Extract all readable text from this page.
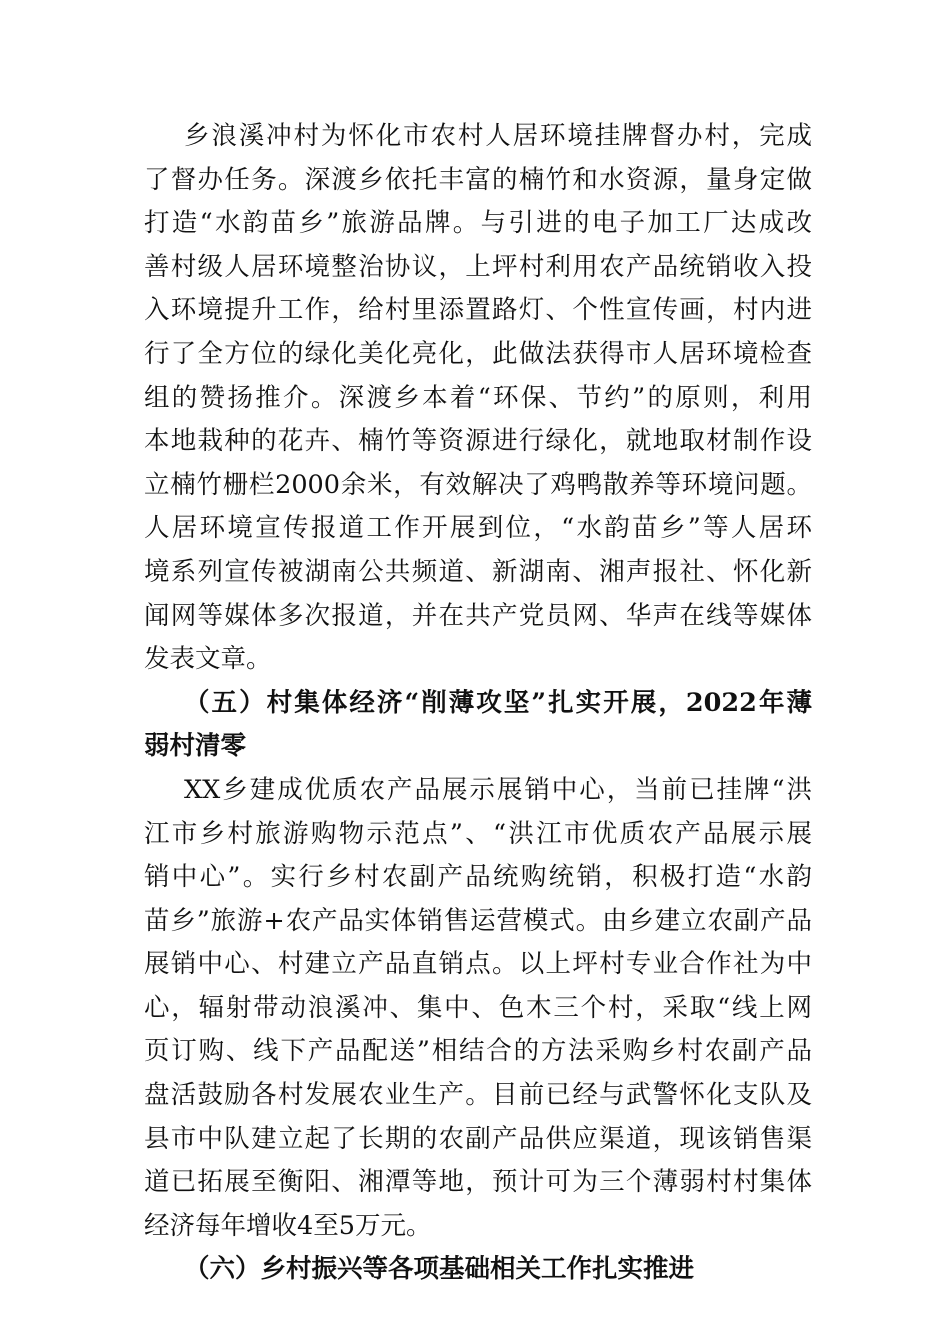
乡浪溪冲村为怀化市农村人居环境挂牌督办村，完成
了督办任务。深渡乡依托丰富的楠竹和水资源，量身定做
打造“水韵苗乡”旅游品牌。与引进的电子加工厂达成改
善村级人居环境整治协议，上坪村利用农产品统销收入投
入环境提升工作，给村里添置路灯、个性宣传画，村内进
行了全方位的绿化美化亮化，此做法获得市人居环境检查
组的赞扬推介。深渡乡本着“环保、节约”的原则，利用
本地栽种的花卉、楠竹等资源进行绿化，就地取材制作设
立楠竹栅栏2000余米，有效解决了鸡鸭散养等环境问题。
人居环境宣传报道工作开展到位，“水韵苗乡”等人居环
境系列宣传被湖南公共频道、新湖南、湘声报社、怀化新
闻网等媒体多次报道，并在共产党员网、华声在线等媒体
发表文章。
（五）村集体经济“削薄攻坚”扎实开展，2022年薄
弱村清零
XX乡建成优质农产品展示展销中心，当前已挂牌“洪
江市乡村旅游购物示范点”、“洪江市优质农产品展示展
销中心”。实行乡村农副产品统购统销，积极打造“水韵
苗乡”旅游+农产品实体销售运营模式。由乡建立农副产品
展销中心、村建立产品直销点。以上坪村专业合作社为中
心，辐射带动浪溪冲、集中、色木三个村，采取“线上网
页订购、线下产品配送”相结合的方法采购乡村农副产品
盘活鼓励各村发展农业生产。目前已经与武警怀化支队及
县市中队建立起了长期的农副产品供应渠道，现该销售渠
道已拓展至衡阳、湘潭等地，预计可为三个薄弱村村集体
经济每年增收4至5万元。
（六）乡村振兴等各项基础相关工作扎实推进
